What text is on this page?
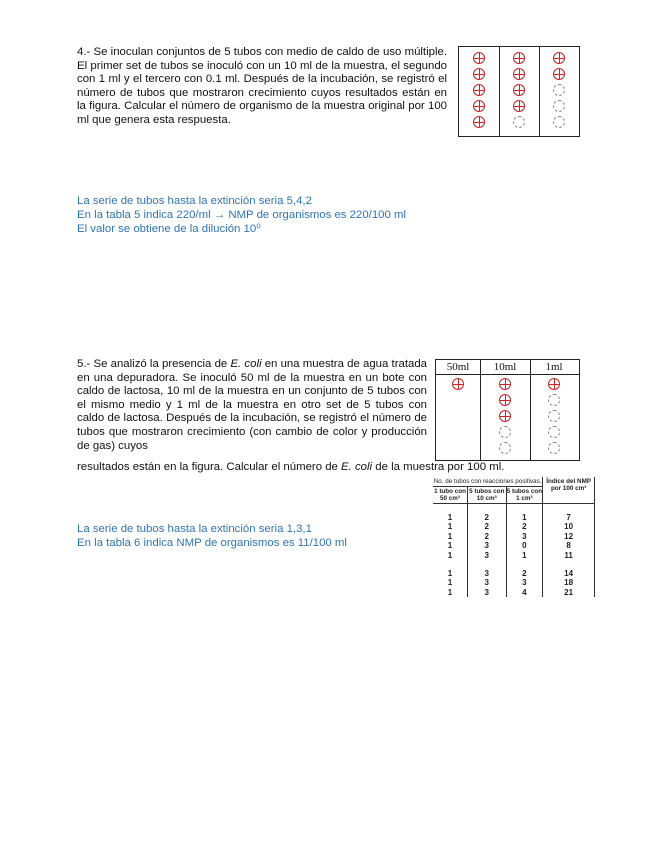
4.- Se inoculan conjuntos de 5 tubos con medio de caldo de uso múltiple. El primer set de tubos se inoculó con un 10 ml de la muestra, el segundo con 1 ml y el tercero con 0.1 ml. Después de la incubación, se registró el número de tubos que mostraron crecimiento cuyos resultados están en la figura. Calcular el número de organismo de la muestra original por 100 ml que genera esta respuesta.
La serie de tubos hasta la extinción seria 5,4,2
En la tabla 5 indica 220/ml → NMP de organismos es 220/100 ml
El valor se obtiene de la dilución 10⁰
5.- Se analizó la presencia de E. coli en una muestra de agua tratada en una depuradora. Se inoculó 50 ml de la muestra en un bote con caldo de lactosa, 10 ml de la muestra en un conjunto de 5 tubos con el mismo medio y 1 ml de la muestra en otro set de 5 tubos con caldo de lactosa. Después de la incubación, se registró el número de tubos que mostraron crecimiento (con cambio de color y producción de gas) cuyos
resultados están en la figura. Calcular el número de E. coli de la muestra por 100 ml.
50ml	10ml	1ml
La serie de tubos hasta la extinción seria 1,3,1
En la tabla 6 indica NMP de organismos es 11/100 ml
No. de tubos con reacciones positivas.			Índice del NMP por 100 cm³
1 tubo con 50 cm³	5 tubos con 10 cm³	5 tubos con 1 cm³	

1	2	1	7
1	2	2	10
1	2	3	12
1	3	0	8
1	3	1	11

1	3	2	14
1	3	3	18
1	3	4	21
